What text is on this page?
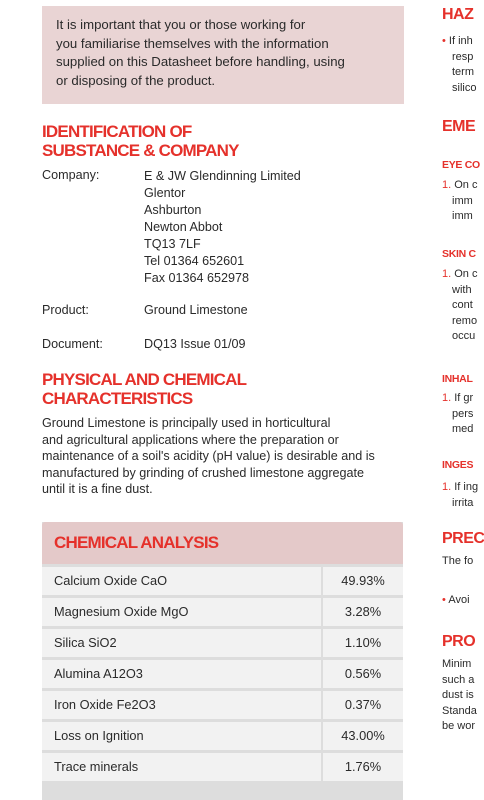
It is important that you or those working for

you familiarise themselves with the information

supplied on this Datasheet before handling, using

or disposing of the product.

IDENTIFICATION OF
SUBSTANCE & COMPANY
Company:	E & JW Glendinning Limited
Glentor
Ashburton
Newton Abbot
TQ13 7LF
Tel 01364 652601
Fax 01364 652978
Product:	Ground Limestone
Document:	DQ13 Issue 01/09
PHYSICAL AND CHEMICAL
CHARACTERISTICS
Ground Limestone is principally used in horticultural
and agricultural applications where the preparation or
maintenance of a soil's acidity (pH value) is desirable and is
manufactured by grinding of crushed limestone aggregate
until it is a fine dust.
CHEMICAL ANALYSIS
Calcium Oxide CaO	49.93%
Magnesium Oxide MgO	3.28%
Silica SiO2	1.10%
Alumina A12O3	0.56%
Iron Oxide Fe2O3	0.37%
Loss on Ignition	43.00%
Trace minerals	1.76%
HAZ
• If inh
resp
term
silico
EME
EYE CO
1. On c
imm
imm
SKIN C
1. On c
with
cont
remo
occu
INHAL
1. If gr
pers
med
INGES
1. If ing
irrita
PREC
The fo
• Avoi
PRO
Minim
such a
dust is
Standa
be wor
